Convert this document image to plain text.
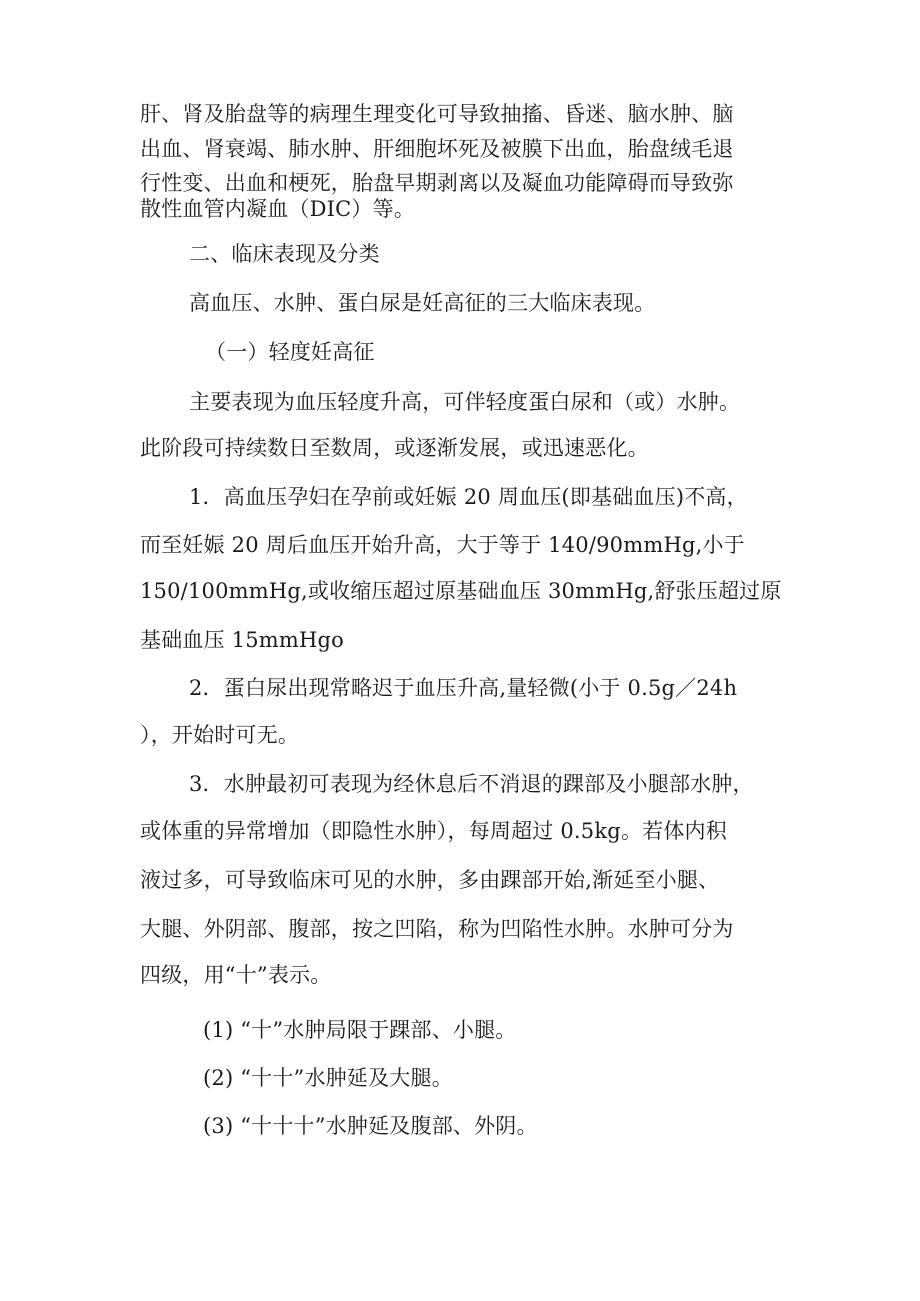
肝、肾及胎盘等的病理生理变化可导致抽搐、昏迷、脑水肿、脑
出血、肾衰竭、肺水肿、肝细胞坏死及被膜下出血，胎盘绒毛退
行性变、出血和梗死，胎盘早期剥离以及凝血功能障碍而导致弥
散性血管内凝血（DIC）等。
二、临床表现及分类
高血压、水肿、蛋白尿是妊高征的三大临床表现。
（一）轻度妊高征
主要表现为血压轻度升高，可伴轻度蛋白尿和（或）水肿。
此阶段可持续数日至数周，或逐渐发展，或迅速恶化。
1．高血压孕妇在孕前或妊娠 20 周血压(即基础血压)不高，
而至妊娠 20 周后血压开始升高，大于等于 140/90mmHg,小于
150/100mmHg,或收缩压超过原基础血压 30mmHg,舒张压超过原
基础血压 15mmHgo
2．蛋白尿出现常略迟于血压升高,量轻微(小于 0.5g／24h
），开始时可无。
3．水肿最初可表现为经休息后不消退的踝部及小腿部水肿，
或体重的异常增加（即隐性水肿），每周超过 0.5kg。若体内积
液过多，可导致临床可见的水肿，多由踝部开始,渐延至小腿、
大腿、外阴部、腹部，按之凹陷，称为凹陷性水肿。水肿可分为
四级，用“十”表示。
(1) “十”水肿局限于踝部、小腿。
(2) “十十”水肿延及大腿。
(3) “十十十”水肿延及腹部、外阴。
